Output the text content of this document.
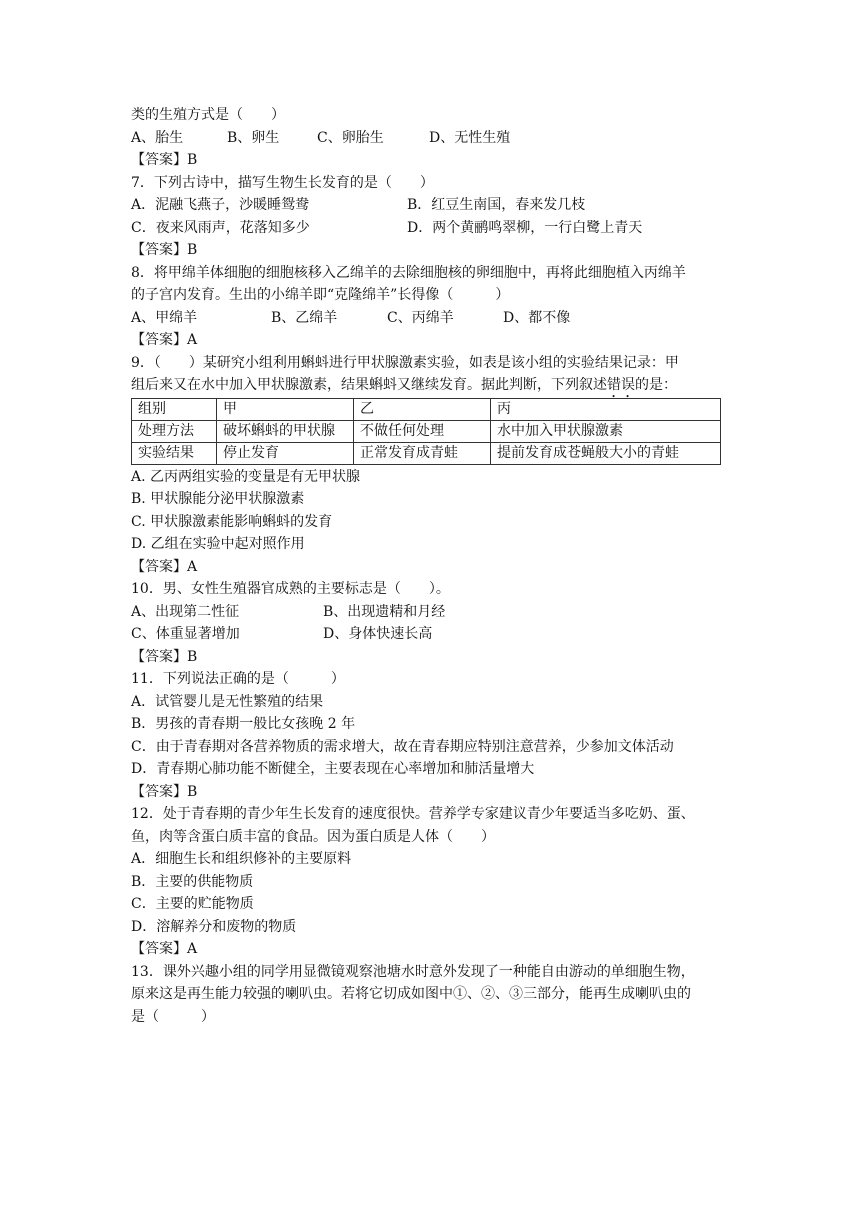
类的生殖方式是（　　）
A、胎生	B、卵生	C、卵胎生	D、无性生殖
【答案】B
7．下列古诗中，描写生物生长发育的是（　　）
A．泥融飞燕子，沙暖睡鸳鸯	B．红豆生南国，春来发几枝
C．夜来风雨声，花落知多少	D．两个黄鹂鸣翠柳，一行白鹭上青天
【答案】B
8．将甲绵羊体细胞的细胞核移入乙绵羊的去除细胞核的卵细胞中，再将此细胞植入丙绵羊
的子宫内发育。生出的小绵羊即“克隆绵羊”长得像（　　　）
A、甲绵羊	B、乙绵羊	C、丙绵羊	D、都不像
【答案】A
9．（　　）某研究小组利用蝌蚪进行甲状腺激素实验，如表是该小组的实验结果记录：甲
组后来又在水中加入甲状腺激素，结果蝌蚪又继续发育。据此判断，下列叙述错误的是：
组别	甲	乙	丙
处理方法	破坏蝌蚪的甲状腺	不做任何处理	水中加入甲状腺激素
实验结果	停止发育	正常发育成青蛙	提前发育成苍蝇般大小的青蛙
A. 乙丙两组实验的变量是有无甲状腺
B. 甲状腺能分泌甲状腺激素
C. 甲状腺激素能影响蝌蚪的发育
D. 乙组在实验中起对照作用
【答案】A
10．男、女性生殖器官成熟的主要标志是（　　）。
A、出现第二性征	B、出现遗精和月经
C、体重显著增加	D、身体快速长高
【答案】B
11．下列说法正确的是（　　　）
A．试管婴儿是无性繁殖的结果
B．男孩的青春期一般比女孩晚 2 年
C．由于青春期对各营养物质的需求增大，故在青春期应特别注意营养，少参加文体活动
D．青春期心肺功能不断健全，主要表现在心率增加和肺活量增大
【答案】B
12．处于青春期的青少年生长发育的速度很快。营养学专家建议青少年要适当多吃奶、蛋、
鱼，肉等含蛋白质丰富的食品。因为蛋白质是人体（　　）
A．细胞生长和组织修补的主要原料
B．主要的供能物质
C．主要的贮能物质
D．溶解养分和废物的物质
【答案】A
13．课外兴趣小组的同学用显微镜观察池塘水时意外发现了一种能自由游动的单细胞生物，
原来这是再生能力较强的喇叭虫。若将它切成如图中①、②、③三部分，能再生成喇叭虫的
是（　　　）
